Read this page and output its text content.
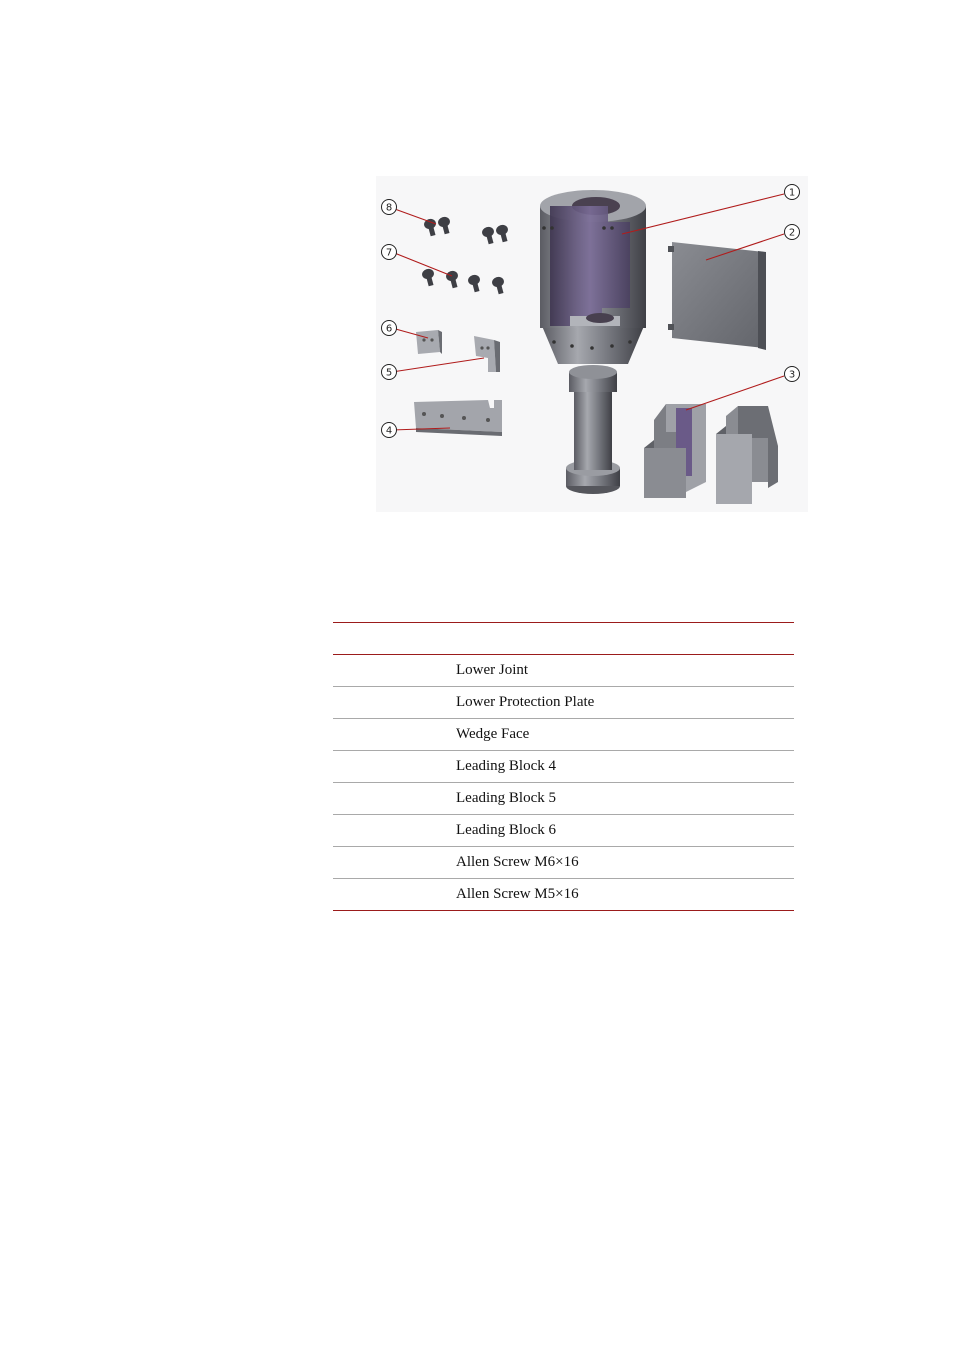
1
2
3
4
5
6
7
8

	Lower Joint
	Lower Protection Plate
	Wedge Face
	Leading Block 4
	Leading Block 5
	Leading Block 6
	Allen Screw M6×16
	Allen Screw M5×16
